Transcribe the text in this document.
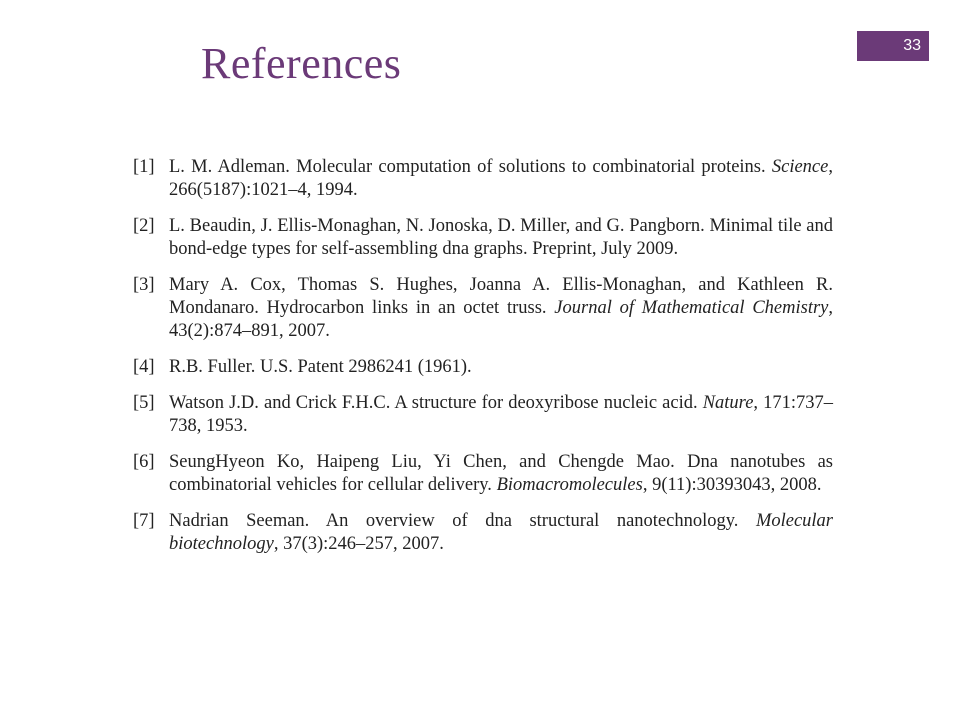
References	33
[1] L. M. Adleman. Molecular computation of solutions to combinatorial proteins. Science, 266(5187):1021–4, 1994.
[2] L. Beaudin, J. Ellis-Monaghan, N. Jonoska, D. Miller, and G. Pangborn. Minimal tile and bond-edge types for self-assembling dna graphs. Preprint, July 2009.
[3] Mary A. Cox, Thomas S. Hughes, Joanna A. Ellis-Monaghan, and Kathleen R. Mondanaro. Hydrocarbon links in an octet truss. Journal of Mathematical Chemistry, 43(2):874–891, 2007.
[4] R.B. Fuller. U.S. Patent 2986241 (1961).
[5] Watson J.D. and Crick F.H.C. A structure for deoxyribose nucleic acid. Nature, 171:737–738, 1953.
[6] SeungHyeon Ko, Haipeng Liu, Yi Chen, and Chengde Mao. Dna nanotubes as combinatorial vehicles for cellular delivery. Biomacromolecules, 9(11):30393043, 2008.
[7] Nadrian Seeman. An overview of dna structural nanotechnology. Molecular biotechnology, 37(3):246–257, 2007.
